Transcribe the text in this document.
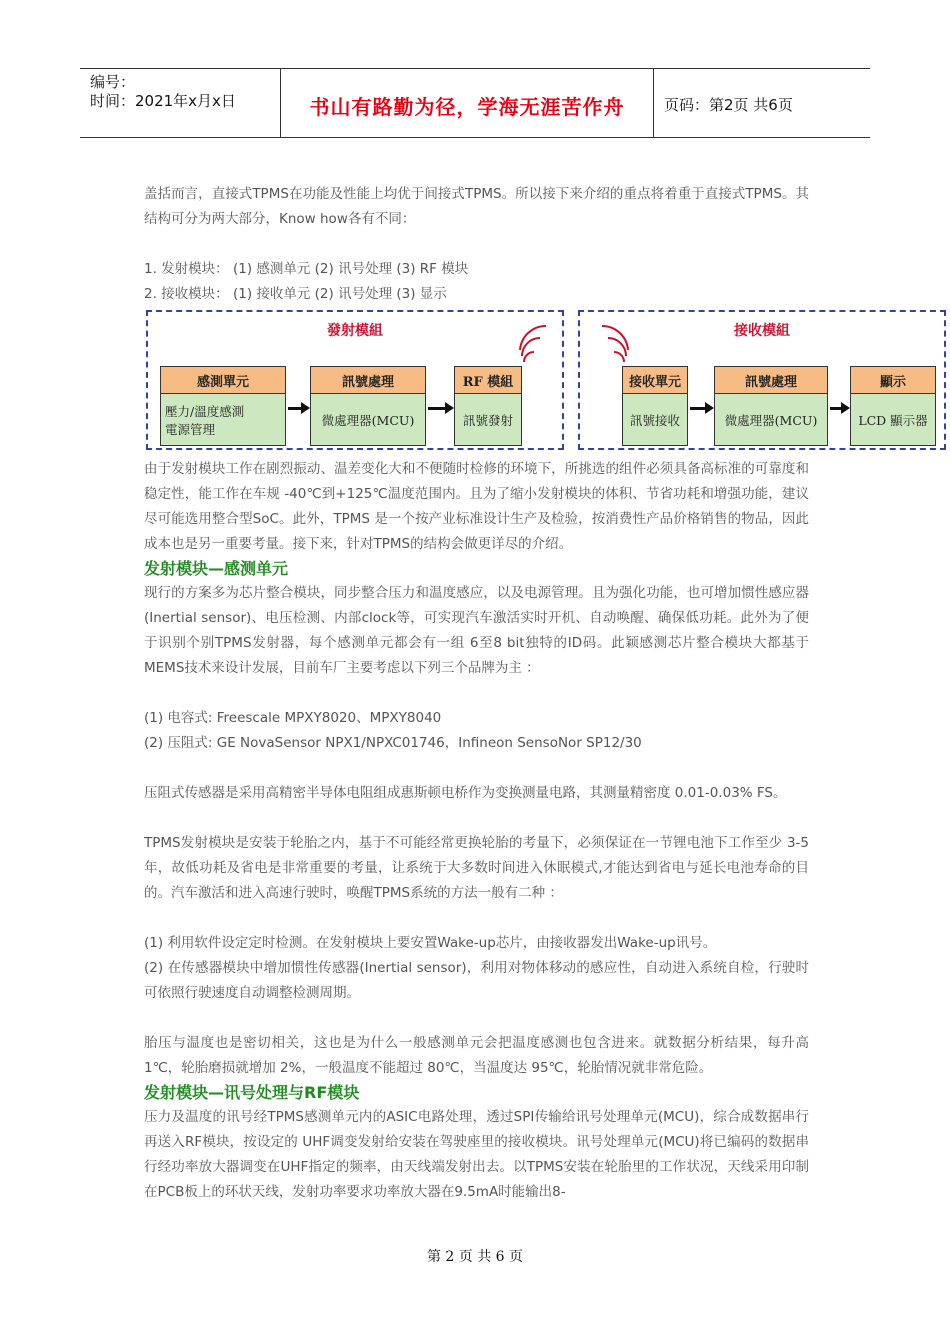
编号：
时间：2021年x月x日	书山有路勤为径，学海无涯苦作舟	页码：第2页 共6页

盖括而言，直接式TPMS在功能及性能上均优于间接式TPMS。所以接下来介绍的重点将着重于直接式TPMS。其结构可分为两大部分，Know how各有不同：

1. 发射模块： (1) 感测单元 (2) 讯号处理 (3) RF 模块

2. 接收模块： (1) 接收单元 (2) 讯号处理 (3) 显示

發射模組
感測單元
壓力/溫度感測
電源管理
訊號處理
微處理器(MCU)
RF 模組
訊號發射
接收模組
接收單元
訊號接收
訊號處理
微處理器(MCU)
顯示
LCD 顯示器

由于发射模块工作在剧烈振动、温差变化大和不便随时检修的环境下，所挑选的组件必须具备高标准的可靠度和稳定性，能工作在车规 -40℃到+125℃温度范围内。且为了缩小发射模块的体积、节省功耗和增强功能，建议尽可能选用整合型SoC。此外，TPMS 是一个按产业标准设计生产及检验，按消费性产品价格销售的物品，因此成本也是另一重要考量。接下来，针对TPMS的结构会做更详尽的介绍。

发射模块—感测单元

现行的方案多为芯片整合模块，同步整合压力和温度感应，以及电源管理。且为强化功能，也可增加惯性感应器 (Inertial sensor)、电压检测、内部clock等，可实现汽车激活实时开机、自动唤醒、确保低功耗。此外为了便于识别个别TPMS发射器，每个感测单元都会有一组 6至8 bit独特的ID码。此颖感测芯片整合模块大都基于MEMS技术来设计发展，目前车厂主要考虑以下列三个品牌为主 ：

(1) 电容式: Freescale MPXY8020、MPXY8040

(2) 压阻式: GE NovaSensor NPX1/NPXC01746，Infineon SensoNor SP12/30

压阻式传感器是采用高精密半导体电阻组成惠斯顿电桥作为变换测量电路，其测量精密度 0.01-0.03% FS。

TPMS发射模块是安装于轮胎之内，基于不可能经常更换轮胎的考量下，必须保证在一节锂电池下工作至少 3-5年，故低功耗及省电是非常重要的考量，让系统于大多数时间进入休眠模式,才能达到省电与延长电池寿命的目的。汽车激活和进入高速行驶时，唤醒TPMS系统的方法一般有二种 ：

(1) 利用软件设定定时检测。在发射模块上要安置Wake-up芯片，由接收器发出Wake-up讯号。

(2) 在传感器模块中增加惯性传感器(Inertial sensor)，利用对物体移动的感应性，自动进入系统自检，行驶时可依照行驶速度自动调整检测周期。

胎压与温度也是密切相关，这也是为什么一般感测单元会把温度感测也包含进来。就数据分析结果，每升高1℃，轮胎磨损就增加 2%，一般温度不能超过 80℃，当温度达 95℃，轮胎情况就非常危险。

发射模块—讯号处理与RF模块

压力及温度的讯号经TPMS感测单元内的ASIC电路处理，透过SPI传输给讯号处理单元(MCU)，综合成数据串行再送入RF模块，按设定的 UHF调变发射给安装在驾驶座里的接收模块。讯号处理单元(MCU)将已编码的数据串行经功率放大器调变在UHF指定的频率，由天线端发射出去。以TPMS安装在轮胎里的工作状况，天线采用印制在PCB板上的环状天线，发射功率要求功率放大器在9.5mA时能输出8-

第 2 页 共 6 页
